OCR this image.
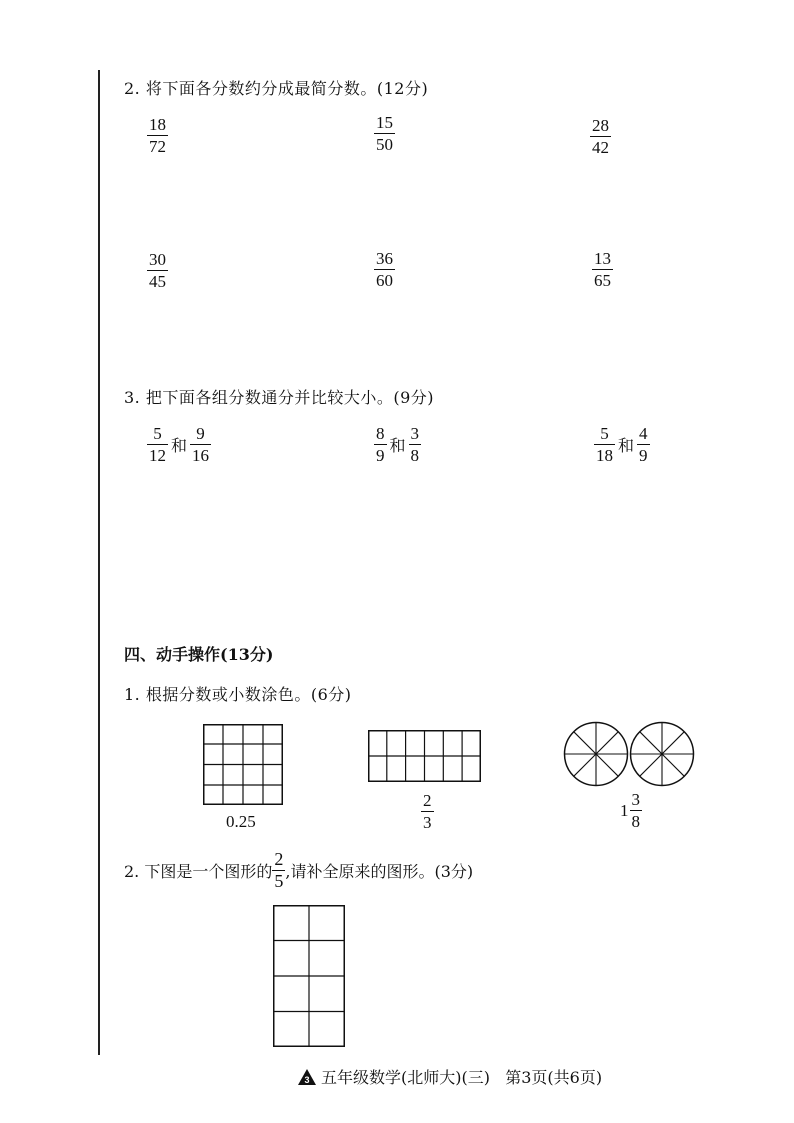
2. 将下面各分数约分成最简分数。(12分)
18
72
15
50
28
42
30
45
36
60
13
65
3. 把下面各组分数通分并比较大小。(9分)
$\frac{5}{12}$ 和 $\frac{9}{16}$	$\frac{8}{9}$ 和 $\frac{3}{8}$	$\frac{5}{18}$ 和 $\frac{4}{9}$
四、动手操作(13分)
1. 根据分数或小数涂色。(6分)
0.25
2
3
$1 \frac{3}{8}$
2. 下图是一个图形的 $\frac{2}{5}$ ,请补全原来的图形。(3分)
3 五年级数学(北师大)(三)   第3页(共6页)
